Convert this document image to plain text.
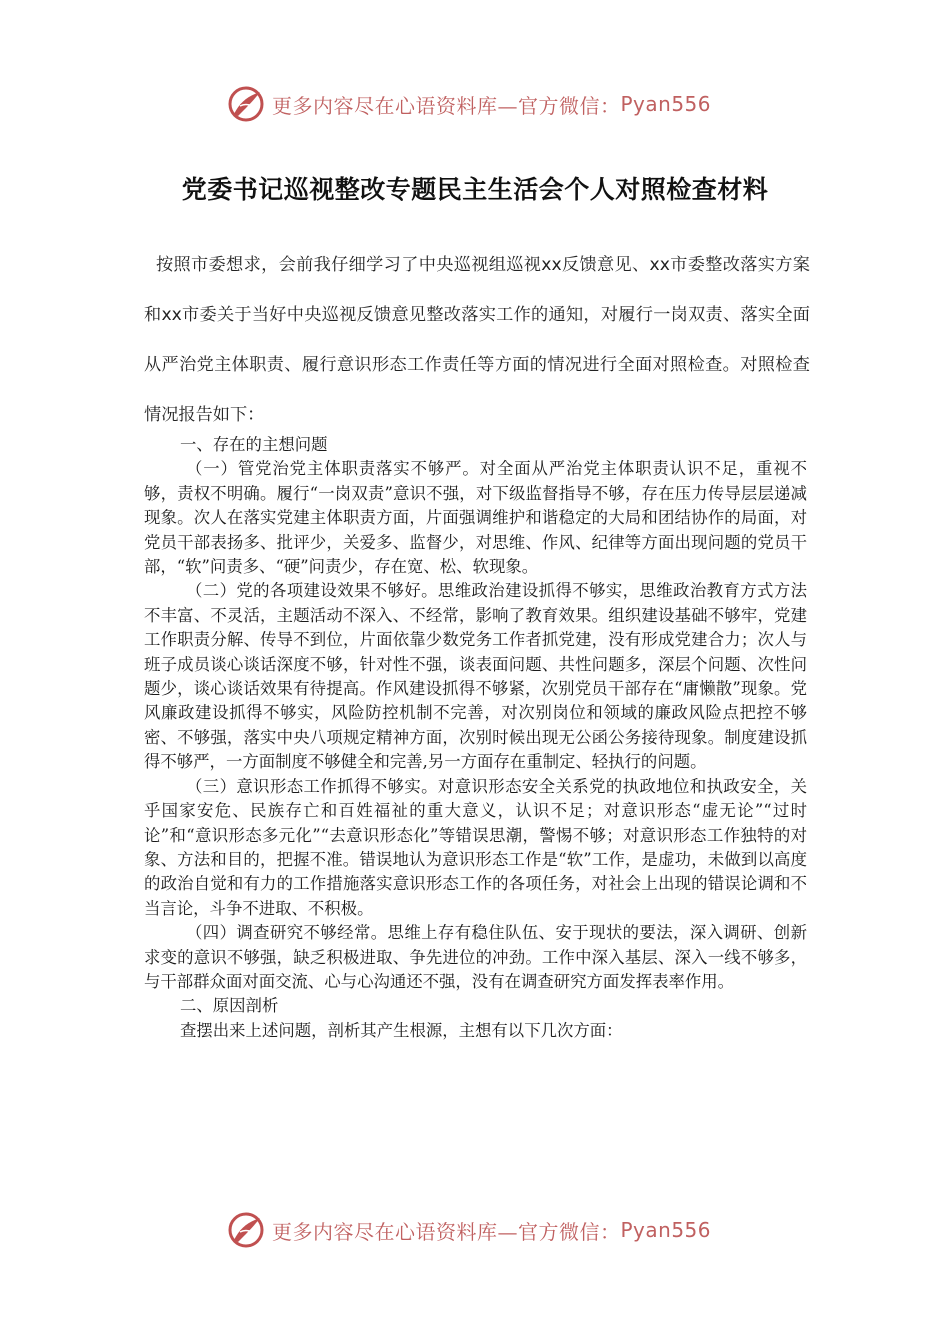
更多内容尽在心语资料库—官方微信： Pyan556
党委书记巡视整改专题民主生活会个人对照检查材料

按照市委想求，会前我仔细学习了中央巡视组巡视xx反馈意见、xx市委整改落实方案和xx市委关于当好中央巡视反馈意见整改落实工作的通知，对履行一岗双责、落实全面从严治党主体职责、履行意识形态工作责任等方面的情况进行全面对照检查。对照检查情况报告如下：

一、存在的主想问题

（一）管党治党主体职责落实不够严。对全面从严治党主体职责认识不足，重视不够，责权不明确。履行“一岗双责”意识不强，对下级监督指导不够，存在压力传导层层递减现象。次人在落实党建主体职责方面，片面强调维护和谐稳定的大局和团结协作的局面，对党员干部表扬多、批评少，关爱多、监督少，对思维、作风、纪律等方面出现问题的党员干部，“软”问责多、“硬”问责少，存在宽、松、软现象。

（二）党的各项建设效果不够好。思维政治建设抓得不够实，思维政治教育方式方法不丰富、不灵活，主题活动不深入、不经常，影响了教育效果。组织建设基础不够牢，党建工作职责分解、传导不到位，片面依靠少数党务工作者抓党建，没有形成党建合力；次人与班子成员谈心谈话深度不够，针对性不强，谈表面问题、共性问题多，深层个问题、次性问题少，谈心谈话效果有待提高。作风建设抓得不够紧，次别党员干部存在“庸懒散”现象。党风廉政建设抓得不够实，风险防控机制不完善，对次别岗位和领域的廉政风险点把控不够密、不够强，落实中央八项规定精神方面，次别时候出现无公函公务接待现象。制度建设抓得不够严，一方面制度不够健全和完善,另一方面存在重制定、轻执行的问题。

（三）意识形态工作抓得不够实。对意识形态安全关系党的执政地位和执政安全，关乎国家安危、民族存亡和百姓福祉的重大意义，认识不足；对意识形态“虚无论”“过时论”和“意识形态多元化”“去意识形态化”等错误思潮，警惕不够；对意识形态工作独特的对象、方法和目的，把握不准。错误地认为意识形态工作是“软”工作，是虚功，未做到以高度的政治自觉和有力的工作措施落实意识形态工作的各项任务，对社会上出现的错误论调和不当言论，斗争不进取、不积极。

（四）调查研究不够经常。思维上存有稳住队伍、安于现状的要法，深入调研、创新求变的意识不够强，缺乏积极进取、争先进位的冲劲。工作中深入基层、深入一线不够多，与干部群众面对面交流、心与心沟通还不强，没有在调查研究方面发挥表率作用。

二、原因剖析

查摆出来上述问题，剖析其产生根源，主想有以下几次方面：

更多内容尽在心语资料库—官方微信： Pyan556
